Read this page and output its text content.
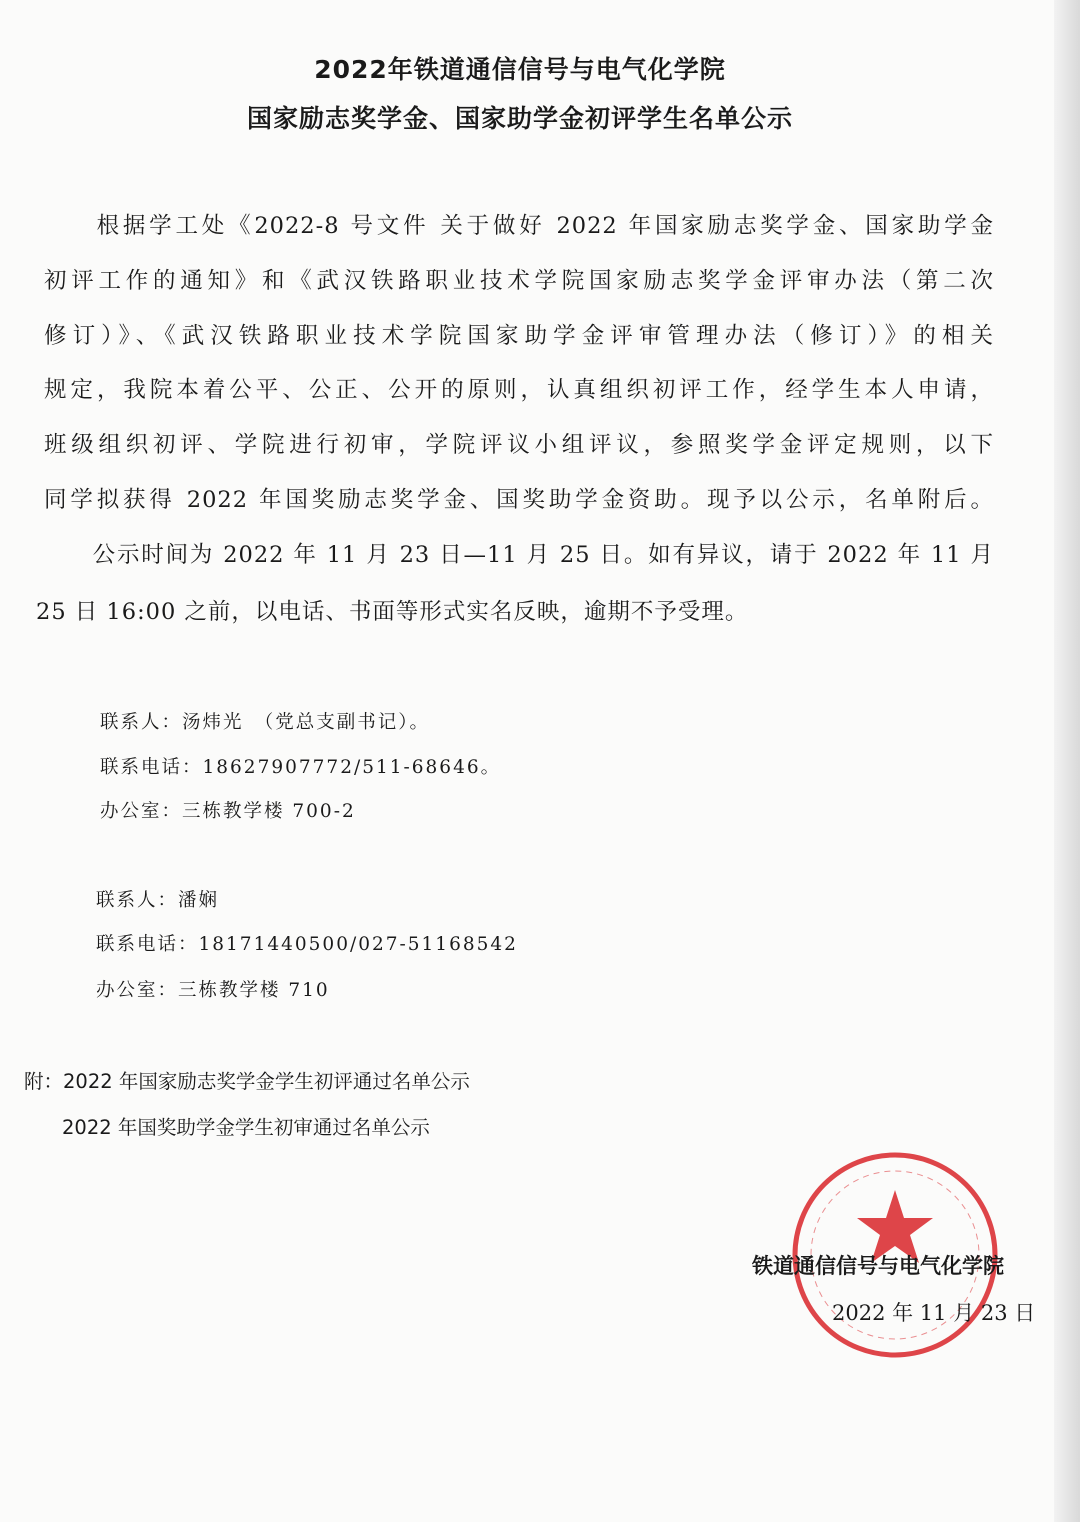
2022年铁道通信信号与电气化学院
国家励志奖学金、国家助学金初评学生名单公示
　　根据学工处《2022-8 号文件 关于做好 2022 年国家励志奖学金、国家助学金
初评工作的通知》和《武汉铁路职业技术学院国家励志奖学金评审办法（第二次
修订）》、《武汉铁路职业技术学院国家助学金评审管理办法（修订）》的相关
规定，我院本着公平、公正、公开的原则，认真组织初评工作，经学生本人申请，
班级组织初评、学院进行初审，学院评议小组评议，参照奖学金评定规则，以下
同学拟获得 2022 年国奖励志奖学金、国奖助学金资助。现予以公示，名单附后。
　　公示时间为 2022 年 11 月 23 日—11 月 25 日。如有异议，请于 2022 年 11 月
25 日 16:00 之前，以电话、书面等形式实名反映，逾期不予受理。
联系人：汤炜光　（党总支副书记）。
联系电话：18627907772/511-68646。
办公室：三栋教学楼 700-2
联系人：潘娴
联系电话：18171440500/027-51168542
办公室：三栋教学楼 710
附：2022 年国家励志奖学金学生初评通过名单公示
2022 年国奖助学金学生初审通过名单公示
铁道通信信号与电气化学院
2022 年 11 月 23 日
